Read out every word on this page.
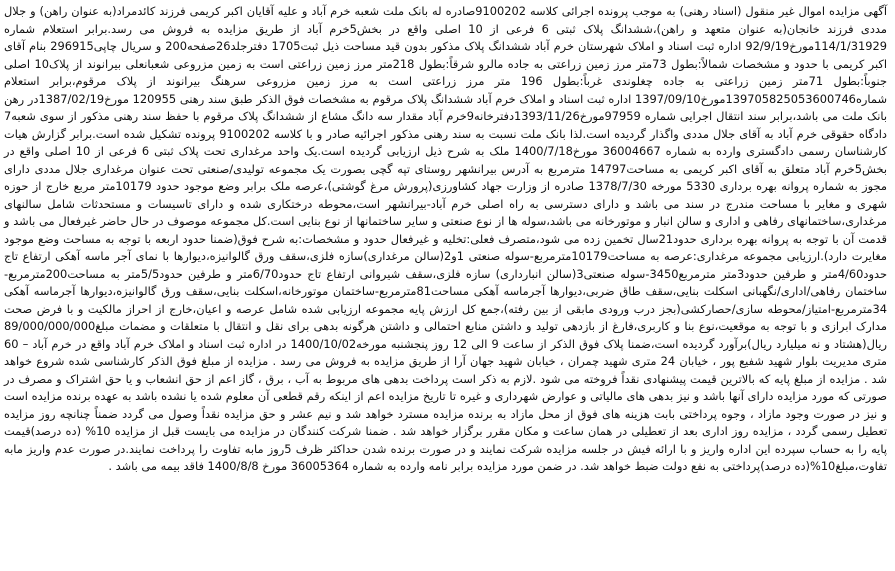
آگهی مزایده اموال غیر منقول (اسناد رهنی) به موجب پرونده اجرائی کلاسه 9100202صادره له بانک ملت شعبه خرم آباد و علیه آقایان اکبر کریمی فرزند کائدمراد(به عنوان راهن) و جلال مددی فرزند خانجان(به عنوان متعهد و راهن)،ششدانگ پلاک ثبتی 6 فرعی از 10 اصلی واقع در بخش5خرم آباد از طریق مزایده به فروش می رسد.برابر استعلام شماره 114/1/31929مورخ92/9/19 اداره ثبت اسناد و املاک شهرستان خرم آباد ششدانگ پلاک مذکور بدون قید مساحت ذیل ثبت1705 دفترجلد26صفحه200 و سریال چاپی296915 بنام آقای اکبر کریمی با حدود و مشخصات شمالاً:بطول 73متر مرز زمین زراعتی به جاده مالرو شرقاً:بطول 218متر مرز زمین زراعتی است به زمین مزروعی شعبانعلی بیرانوند از پلاک10 اصلی جنوباً:بطول 71متر زمین زراعتی به جاده چغلوندی غرباً:بطول 196 متر مرز زراعتی است به مرز زمین مزروعی سرهنگ بیرانوند از پلاک مرقوم،برابر استعلام شماره139705825053600746مورخ1397/09/10 اداره ثبت اسناد و املاک خرم آباد ششدانگ پلاک مرقوم به مشخصات فوق الذکر طبق سند رهنی 120955 مورخ1387/02/19در رهن بانک ملت می باشد،برابر سند انتقال اجرایی شماره 97959مورخ1393/11/26دفترخانه9خرم آباد مقدار سه دانگ مشاع از ششدانگ پلاک مرقوم با حفظ سند رهنی مذکور از سوی شعبه7 دادگاه حقوقی خرم آباد به آقای جلال مددی واگذار گردیده است.لذا بانک ملت نسبت به سند رهنی مذکور اجرائیه صادر و با کلاسه 9100202 پرونده تشکیل شده است.برابر گزارش هیات کارشناسان رسمی دادگستری وارده به شماره 36004667 مورخ1400/7/18 ملک به شرح ذیل ارزیابی گردیده است.یک واحد مرغداری تحت پلاک ثبتی 6 فرعی از 10 اصلی واقع در بخش5خرم آباد متعلق به آقای اکبر کریمی به مساحت14797 مترمربع به آدرس بیرانشهر روستای تپه گچی بصورت یک مجموعه تولیدی/صنعتی تحت عنوان مرغداری جلال مددی دارای مجوز به شماره پروانه بهره برداری 5330 مورخه 1378/7/30 صادره از وزارت جهاد کشاورزی(پرورش مرغ گوشتی)،عرصه ملک برابر وضع موجود حدود 10179متر مربع خارج از حوزه شهری و مغایر با مساحت مندرج در سند می باشد و دارای دسترسی به راه اصلی خرم آباد-بیرانشهر است،محوطه درختکاری شده و دارای تاسیسات و مستحدثات شامل سالنهای مرغداری،ساختمانهای رفاهی و اداری و سالن انبار و موتورخانه می باشد،سوله ها از نوع صنعتی و سایر ساختمانها از نوع بنایی است.کل مجموعه موصوف در حال حاضر غیرفعال می باشد و قدمت آن با توجه به پروانه بهره برداری حدود21سال تخمین زده می شود،متصرف فعلی:تخلیه و غیرفعال حدود و مشخصات:به شرح فوق(ضمنا حدود اربعه با توجه به مساحت وضع موجود مغایرت دارد).ارزیابی مجموعه مرغداری:عرصه به مساحت10179مترمربع-سوله صنعتی 1و2(سالن مرغداری)سازه فلزی،سقف ورق گالوانیزه،دیوارها با نمای آجر ماسه آهکی ارتفاع تاج حدود4/60متر و طرفین حدود3متر مترمربع3450-سوله صنعتی3(سالن انبارداری) سازه فلزی،سقف شیروانی ارتفاع تاج حدود6/70متر و طرفین حدود5/5متر به مساحت200مترمربع-ساختمان رفاهی/اداری/نگهبانی اسکلت بنایی،سقف طاق ضربی،دیوارها آجرماسه آهکی مساحت81مترمربع-ساختمان موتورخانه،اسکلت بنایی،سقف ورق گالوانیزه،دیوارها آجرماسه آهکی 34مترمربع-امتیاز/محوطه سازی/حصارکشی(بجز درب ورودی مابقی از بین رفته)،جمع کل ارزش پایه مجموعه ارزیابی شده شامل عرصه و اعیان،خارج از احراز مالکیت و با فرض صحت مدارک ابرازی و با توجه به موقعیت،نوع بنا و کاربری،فارغ از بازدهی تولید و داشتن منابع احتمالی و داشتن هرگونه بدهی برای نقل و انتقال با متعلقات و مضمات مبلغ89/000/000/000 ریال(هشتاد و نه میلیارد ریال)برآورد گردیده است،ضمنا پلاک فوق الذکر از ساعت 9 الی 12 روز پنجشنبه مورخه1400/10/02 در اداره ثبت اسناد و املاک خرم آباد واقع در خرم آباد – 60 متری مدیریت بلوار شهید شفیع پور ، خیابان 24 متری شهید چمران ، خیابان شهید جهان آرا از طریق مزایده به فروش می رسد . مزایده از مبلغ فوق الذکر کارشناسی شده شروع خواهد شد . مزایده از مبلغ پایه که بالاترین قیمت پیشنهادی نقداً فروخته می شود .لازم به ذکر است پرداخت بدهی های مربوط به آب ، برق ، گاز اعم از حق انشعاب و یا حق اشتراک و مصرف در صورتی که مورد مزایده دارای آنها باشد و نیز بدهی های مالیاتی و عوارض شهرداری و غیره تا تاریخ مزایده اعم از اینکه رقم قطعی آن معلوم شده یا نشده باشد به عهده برنده مزایده است و نیز در صورت وجود مازاد ، وجوه پرداختی بابت هزینه های فوق از محل مازاد به برنده مزایده مسترد خواهد شد و نیم عشر و حق مزایده نقداً وصول می گردد ضمناً چنانچه روز مزایده تعطیل رسمی گردد ، مزایده روز اداری بعد از تعطیلی در همان ساعت و مکان مقرر برگزار خواهد شد . ضمنا شرکت کنندگان در مزایده می بایست قبل از مزایده 10% (ده درصد)قیمت پایه را به حساب سپرده این اداره واریز و با ارائه فیش در جلسه مزایده شرکت نمایند و در صورت برنده شدن حداکثر ظرف 5روز مابه تفاوت را پرداخت نمایند.در صورت عدم واریز مابه تفاوت،مبلغ10%(ده درصد)پرداختی به نفع دولت ضبط خواهد شد. در ضمن مورد مزایده برابر نامه وارده به شماره 36005364 مورخ 1400/8/8 فاقد بیمه می باشد .
